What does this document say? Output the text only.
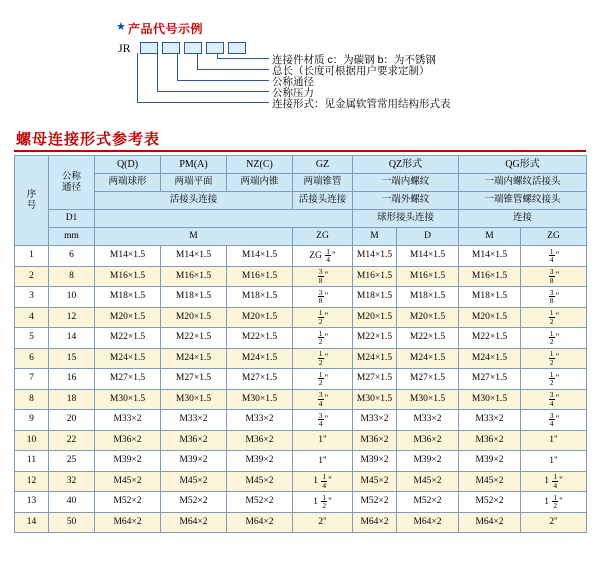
★ 产品代号示例
JR
连接件材质 c：为碳钢 b：为不锈钢
总长（长度可根据用户要求定制）
公称通径
公称压力
连接形式：见金属软管常用结构形式表
螺母连接形式参考表
序
号	公称
通径	Q(D)	PM(A)	NZ(C)	GZ	QZ形式		QG形式	
		两端球形	两端平面	两端内锥	两端锥管	一端内螺纹		一端内螺纹活接头	
		活接头连接			活接头连接	一端外螺纹		一端锥管螺纹接头	
	D1					球形接头连接		连接	
	mm	M			ZG	M	D	M	ZG
1	6	M14×1.5	M14×1.5	M14×1.5	ZG $\frac{1}{4}$ "	M14×1.5	M14×1.5	M14×1.5	$\frac{1}{4}$ "
2	8	M16×1.5	M16×1.5	M16×1.5	$\frac{3}{8}$ "	M16×1.5	M16×1.5	M16×1.5	$\frac{3}{8}$ "
3	10	M18×1.5	M18×1.5	M18×1.5	$\frac{3}{8}$ "	M18×1.5	M18×1.5	M18×1.5	$\frac{3}{8}$ "
4	12	M20×1.5	M20×1.5	M20×1.5	$\frac{1}{2}$ "	M20×1.5	M20×1.5	M20×1.5	$\frac{1}{2}$ "
5	14	M22×1.5	M22×1.5	M22×1.5	$\frac{1}{2}$ "	M22×1.5	M22×1.5	M22×1.5	$\frac{1}{2}$ "
6	15	M24×1.5	M24×1.5	M24×1.5	$\frac{1}{2}$ "	M24×1.5	M24×1.5	M24×1.5	$\frac{1}{2}$ "
7	16	M27×1.5	M27×1.5	M27×1.5	$\frac{1}{2}$ "	M27×1.5	M27×1.5	M27×1.5	$\frac{1}{2}$ "
8	18	M30×1.5	M30×1.5	M30×1.5	$\frac{3}{4}$ "	M30×1.5	M30×1.5	M30×1.5	$\frac{3}{4}$ "
9	20	M33×2	M33×2	M33×2	$\frac{3}{4}$ "	M33×2	M33×2	M33×2	$\frac{3}{4}$ "
10	22	M36×2	M36×2	M36×2	1"	M36×2	M36×2	M36×2	1"
11	25	M39×2	M39×2	M39×2	1"	M39×2	M39×2	M39×2	1"
12	32	M45×2	M45×2	M45×2	$1 \frac{1}{4}$ "	M45×2	M45×2	M45×2	$1 \frac{1}{4}$ "
13	40	M52×2	M52×2	M52×2	$1 \frac{1}{2}$ "	M52×2	M52×2	M52×2	$1 \frac{1}{2}$ "
14	50	M64×2	M64×2	M64×2	2"	M64×2	M64×2	M64×2	2"
